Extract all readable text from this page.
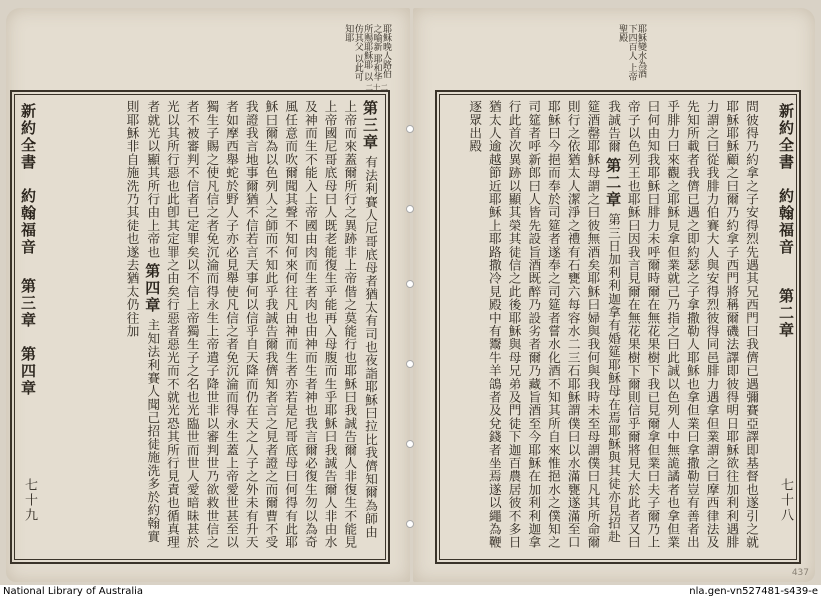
耶稣晚人路伯之喻新 耶和华所赐耶稣耶 以仿其父 以此可知耶
新約全書
約翰福音
第三章　第四章
七十九
第三章 有法利賽人尼哥底母者猶太有司也夜詣耶穌曰拉比我儕知爾為師由上帝而來蓋爾所行之異跡非上帝偕之莫能行也耶穌曰我誠告爾人非復生不能見上帝國尼哥底母曰人既老能復生乎能再入母腹而生乎耶穌曰我誠告爾人非由水及神而生不能入上帝國由肉而生者肉也由神而生者神也我言爾必復生勿以為奇風任意而吹爾聞其聲不知何來何往凡由神而生者亦若是尼哥底母曰何得有此耶穌曰爾為以色列人之師而不知此乎我誠告爾我儕知者言之見者證之而爾曹不受我證我言地事爾猶不信若言天事何以信乎自天降而仍在天之人子之外未有升天者如摩西舉蛇於野人子亦必見舉使凡信之者免沉淪而得永生蓋上帝愛世甚至以獨生子賜之使凡信之者免沉淪而得永生上帝遣子降世非以審判世乃欲救世信之者不被審判不信者已定罪矣以不信上帝獨生子之名也光臨世而世人愛暗昧甚於光以其所行惡也此卽其定罪之由矣行惡者惡光而不就光恐其所行見責也循真理者就光以顯其所行由上帝也 第四章 主知法利賽人聞己招徒施洗多於約翰實則耶穌非自施洗乃其徒也遂去猶太仍往加
二十二
耶穌變水為酒 下四百人 上帝聖殿
新約全書
約翰福音
第二章
七十八
問彼得乃約拿之子安得烈先遇其兄西門曰我儕已遇彌賽亞譯即基督也遂引之就耶穌耶穌顧之曰爾乃約拿子西門將稱爾磯法譯即彼得明日耶穌欲往加利利遇腓力謂之曰從我腓力伯賽大人與安得烈彼得同邑腓力遇拿但業謂之曰摩西律法及先知所載者我儕已遇之即約瑟之子拿撒勒人耶穌也拿但業曰拿撒勒豈有善者出乎腓力曰來觀之耶穌見拿但業就己乃指之曰此誠以色列人中無詭譎者也拿但業曰何由知我耶穌曰腓力未呼爾時爾在無花果樹下我已見爾拿但業曰夫子爾乃上帝子以色列王也耶穌曰因我言見爾在無花果樹下爾則信乎爾將見大於此者又曰我誠告爾 第二章 第三日加利利迦拿有婚筵耶穌母在焉耶穌與其徒亦見招赴筵酒罄耶穌母謂之曰彼無酒矣耶穌曰婦與我何與我時未至母謂僕曰凡其所命爾則行之依猶太人潔淨之禮有石甕六每容水二三石耶穌謂僕曰以水滿甕遂滿至口耶穌曰今挹而奉於司筵者遂奉之司筵者嘗水化酒不知其所自來惟挹水之僕知之司筵者呼新郎曰人皆先設旨酒既醉乃設劣者爾乃藏旨酒至今耶穌在加利利迦拿行此首次異跡以顯其榮其徒信之此後耶穌與母兄弟及門徒下迦百農居彼不多日猶太人逾越節近耶穌上耶路撒冷見殿中有鬻牛羊鴿者及兌錢者坐焉遂以繩為鞭逐眾出殿
437
National Library of Australia	nla.gen-vn527481-s439-e
